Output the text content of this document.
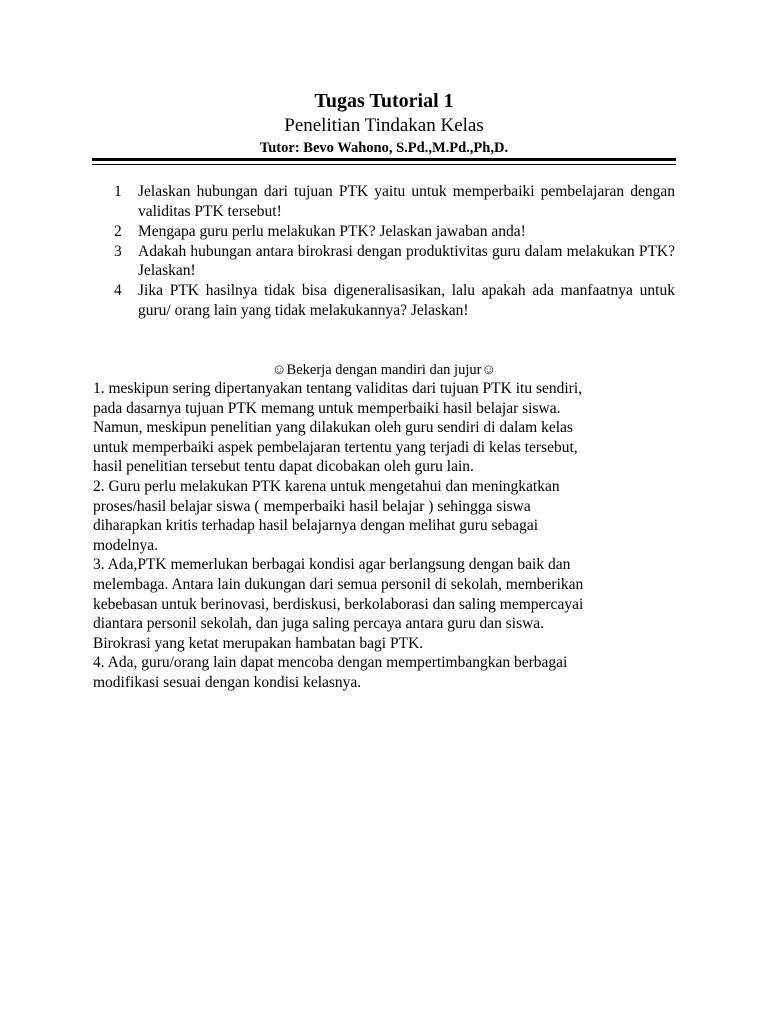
Tugas Tutorial 1
Penelitian Tindakan Kelas
Tutor: Bevo Wahono, S.Pd.,M.Pd.,Ph,D.
1	Jelaskan hubungan dari tujuan PTK yaitu untuk memperbaiki pembelajaran dengan validitas PTK tersebut!
2	Mengapa guru perlu melakukan PTK? Jelaskan jawaban anda!
3	Adakah hubungan antara birokrasi dengan produktivitas guru dalam melakukan PTK? Jelaskan!
4	Jika PTK hasilnya tidak bisa digeneralisasikan, lalu apakah ada manfaatnya untuk guru/ orang lain yang tidak melakukannya? Jelaskan!
☺Bekerja dengan mandiri dan jujur☺
1. meskipun sering dipertanyakan tentang validitas dari tujuan PTK itu sendiri,
pada dasarnya tujuan PTK memang untuk memperbaiki hasil belajar siswa.
Namun, meskipun penelitian yang dilakukan oleh guru sendiri di dalam kelas
untuk memperbaiki aspek pembelajaran tertentu yang terjadi di kelas tersebut,
hasil penelitian tersebut tentu dapat dicobakan oleh guru lain.
2. Guru perlu melakukan PTK karena untuk mengetahui dan meningkatkan
proses/hasil belajar siswa ( memperbaiki hasil belajar ) sehingga siswa
diharapkan kritis terhadap hasil belajarnya dengan melihat guru sebagai
modelnya.
3. Ada,PTK memerlukan berbagai kondisi agar berlangsung dengan baik dan
melembaga. Antara lain dukungan dari semua personil di sekolah, memberikan
kebebasan untuk berinovasi, berdiskusi, berkolaborasi dan saling mempercayai
diantara personil sekolah, dan juga saling percaya antara guru dan siswa.
Birokrasi yang ketat merupakan hambatan bagi PTK.
4. Ada, guru/orang lain dapat mencoba dengan mempertimbangkan berbagai
modifikasi sesuai dengan kondisi kelasnya.
